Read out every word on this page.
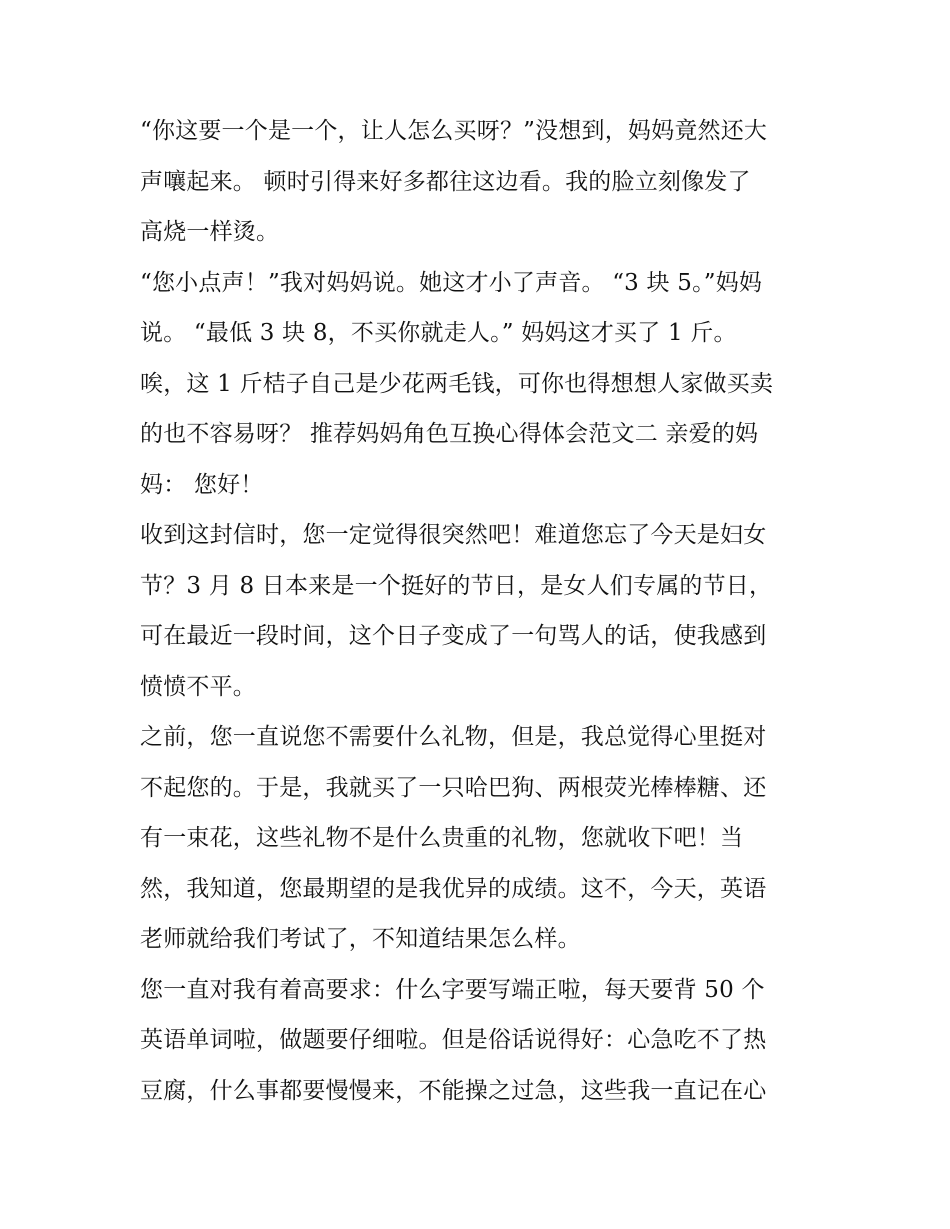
“你这要一个是一个，让人怎么买呀？”没想到，妈妈竟然还大
声嚷起来。 顿时引得来好多都往这边看。我的脸立刻像发了
高烧一样烫。

“您小点声！”我对妈妈说。她这才小了声音。 “3 块 5。”妈妈
说。 “最低 3 块 8，不买你就走人。” 妈妈这才买了 1 斤。

唉，这 1 斤桔子自己是少花两毛钱，可你也得想想人家做买卖
的也不容易呀？ 推荐妈妈角色互换心得体会范文二 亲爱的妈
妈： 您好！

收到这封信时，您一定觉得很突然吧！难道您忘了今天是妇女
节？3 月 8 日本来是一个挺好的节日，是女人们专属的节日，
可在最近一段时间，这个日子变成了一句骂人的话，使我感到
愤愤不平。

之前，您一直说您不需要什么礼物，但是，我总觉得心里挺对
不起您的。于是，我就买了一只哈巴狗、两根荧光棒棒糖、还
有一束花，这些礼物不是什么贵重的礼物，您就收下吧！当
然，我知道，您最期望的是我优异的成绩。这不，今天，英语
老师就给我们考试了，不知道结果怎么样。

您一直对我有着高要求：什么字要写端正啦，每天要背 50 个
英语单词啦，做题要仔细啦。但是俗话说得好：心急吃不了热
豆腐，什么事都要慢慢来，不能操之过急，这些我一直记在心
